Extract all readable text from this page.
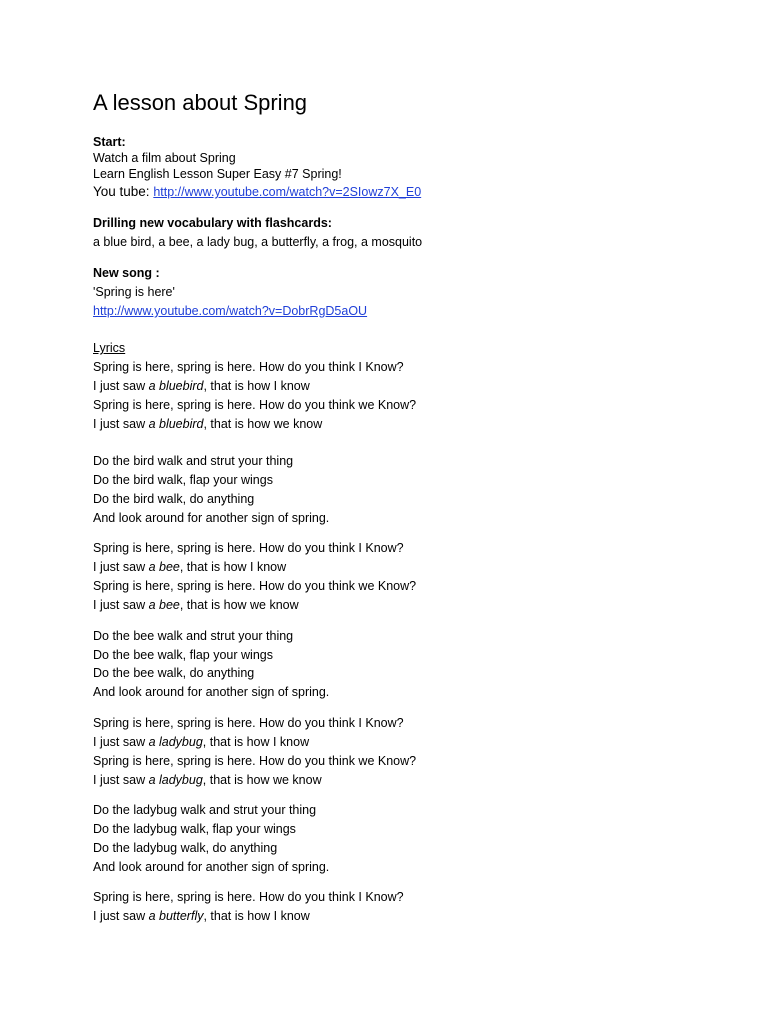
A lesson about Spring
Start:
Watch a film about Spring
Learn English Lesson Super Easy #7 Spring!
You tube: http://www.youtube.com/watch?v=2SIowz7X_E0
Drilling new vocabulary with flashcards:
a blue bird, a bee, a lady bug, a butterfly, a frog, a mosquito
New song :
'Spring is here'
http://www.youtube.com/watch?v=DobrRgD5aOU
Lyrics
Spring is here, spring is here. How do you think I Know?
I just saw a bluebird, that is how I know
Spring is here, spring is here. How do you think we Know?
I just saw a bluebird, that is how we know
Do the bird walk and strut your thing
Do the bird walk, flap your wings
Do the bird walk, do anything
And look around for another sign of spring.
Spring is here, spring is here. How do you think I Know?
I just saw a bee, that is how I know
Spring is here, spring is here. How do you think we Know?
I just saw a bee, that is how we know
Do the bee walk and strut your thing
Do the bee walk, flap your wings
Do the bee walk, do anything
And look around for another sign of spring.
Spring is here, spring is here. How do you think I Know?
I just saw a ladybug, that is how I know
Spring is here, spring is here. How do you think we Know?
I just saw a ladybug, that is how we know
Do the ladybug walk and strut your thing
Do the ladybug walk, flap your wings
Do the ladybug walk, do anything
And look around for another sign of spring.
Spring is here, spring is here. How do you think I Know?
I just saw a butterfly, that is how I know
